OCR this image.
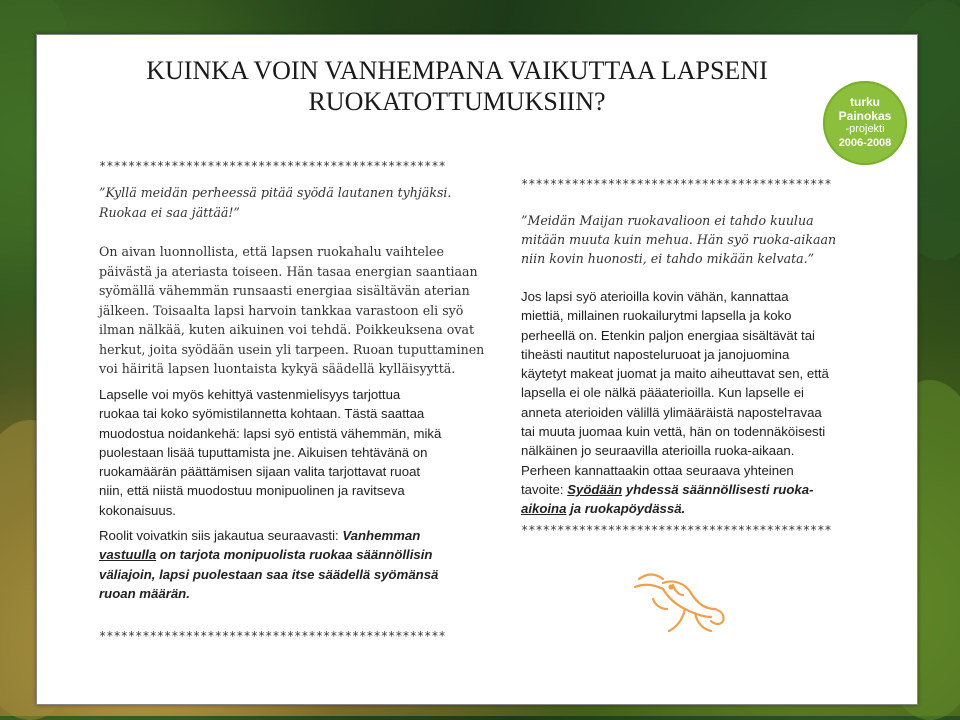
KUINKA VOIN VANHEMPANA VAIKUTTAA LAPSENI
RUOKATOTTUMUKSIIN?	turku
Painokas
-projekti
2006-2008
************************************************

”Kyllä meidän perheessä pitää syödä lautanen tyhjäksi.

Ruokaa ei saa jättää!”

On aivan luonnollista, että lapsen ruokahalu vaihtelee

päivästä ja ateriasta toiseen. Hän tasaa energian saantiaan

syömällä vähemmän runsaasti energiaa sisältävän aterian

jälkeen. Toisaalta lapsi harvoin tankkaa varastoon eli syö

ilman nälkää, kuten aikuinen voi tehdä. Poikkeuksena ovat

herkut, joita syödään usein yli tarpeen. Ruoan tuputtaminen

voi häiritä lapsen luontaista kykyä säädellä kylläisyyttä.

Lapselle voi myös kehittyä vastenmielisyys tarjottua

ruokaa tai koko syömistilannetta kohtaan. Tästä saattaa

muodostua noidankehä: lapsi syö entistä vähemmän, mikä

puolestaan lisää tuputtamista jne. Aikuisen tehtävänä on

ruokamäärän päättämisen sijaan valita tarjottavat ruoat

niin, että niistä muodostuu monipuolinen ja ravitseva

kokonaisuus.

Roolit voivatkin siis jakautua seuraavasti: Vanhemman

vastuulla on tarjota monipuolista ruokaa säännöllisin

väliajoin, lapsi puolestaan saa itse säädellä syömänsä

ruoan määrän.

************************************************
*******************************************

”Meidän Maijan ruokavalioon ei tahdo kuulua

mitään muuta kuin mehua. Hän syö ruoka-aikaan

niin kovin huonosti, ei tahdo mikään kelvata.”

Jos lapsi syö aterioilla kovin vähän, kannattaa

miettiä, millainen ruokailurytmi lapsella ja koko

perheellä on. Etenkin paljon energiaa sisältävät tai

tiheästi nautitut naposteluruoat ja janojuomina

käytetyt makeat juomat ja maito aiheuttavat sen, että

lapsella ei ole nälkä pääaterioilla. Kun lapselle ei

anneta aterioiden välillä ylimääräistä napostelтavaa

tai muuta juomaa kuin vettä, hän on todennäköisesti

nälkäinen jo seuraavilla aterioilla ruoka-aikaan.

Perheen kannattaakin ottaa seuraava yhteinen

tavoite: Syödään yhdessä säännöllisesti ruoka-

aikoina ja ruokapöydässä.

*******************************************
